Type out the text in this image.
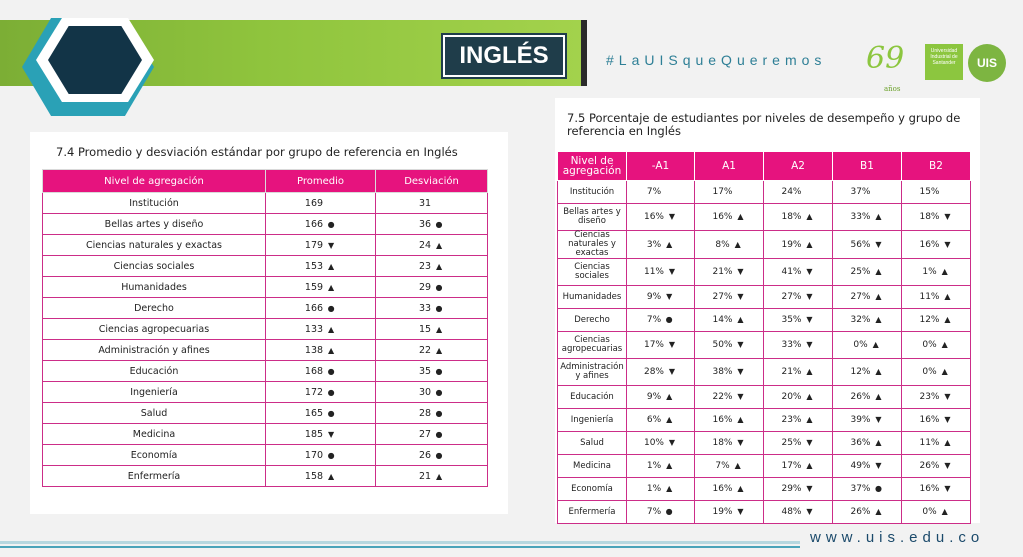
INGLÉS	#LaUISqueQueremos 69
años
Universidad Industrial de Santander	UIS
7.4 Promedio y desviación estándar por grupo de referencia en Inglés
Nivel de agregación	Promedio	Desviación
Institución	169	31
Bellas artes y diseño	166 ●	36 ●
Ciencias naturales y exactas	179 ▼	24 ▲
Ciencias sociales	153 ▲	23 ▲
Humanidades	159 ▲	29 ●
Derecho	166 ●	33 ●
Ciencias agropecuarias	133 ▲	15 ▲
Administración y afines	138 ▲	22 ▲
Educación	168 ●	35 ●
Ingeniería	172 ●	30 ●
Salud	165 ●	28 ●
Medicina	185 ▼	27 ●
Economía	170 ●	26 ●
Enfermería	158 ▲	21 ▲
7.5 Porcentaje de estudiantes por niveles de desempeño y grupo de
referencia en Inglés
Nivel de agregación	-A1	A1	A2	B1	B2
Institución	7%	17%	24%	37%	15%
Bellas artes y diseño	16% ▼	16% ▲	18% ▲	33% ▲	18% ▼
Ciencias naturales y exactas	3% ▲	8% ▲	19% ▲	56% ▼	16% ▼
Ciencias sociales	11% ▼	21% ▼	41% ▼	25% ▲	1% ▲
Humanidades	9% ▼	27% ▼	27% ▼	27% ▲	11% ▲
Derecho	7% ●	14% ▲	35% ▼	32% ▲	12% ▲
Ciencias agropecuarias	17% ▼	50% ▼	33% ▼	0% ▲	0% ▲
Administración y afines	28% ▼	38% ▼	21% ▲	12% ▲	0% ▲
Educación	9% ▲	22% ▼	20% ▲	26% ▲	23% ▼
Ingeniería	6% ▲	16% ▲	23% ▲	39% ▼	16% ▼
Salud	10% ▼	18% ▼	25% ▼	36% ▲	11% ▲
Medicina	1% ▲	7% ▲	17% ▲	49% ▼	26% ▼
Economía	1% ▲	16% ▲	29% ▼	37% ●	16% ▼
Enfermería	7% ●	19% ▼	48% ▼	26% ▲	0% ▲
www.uis.edu.co
